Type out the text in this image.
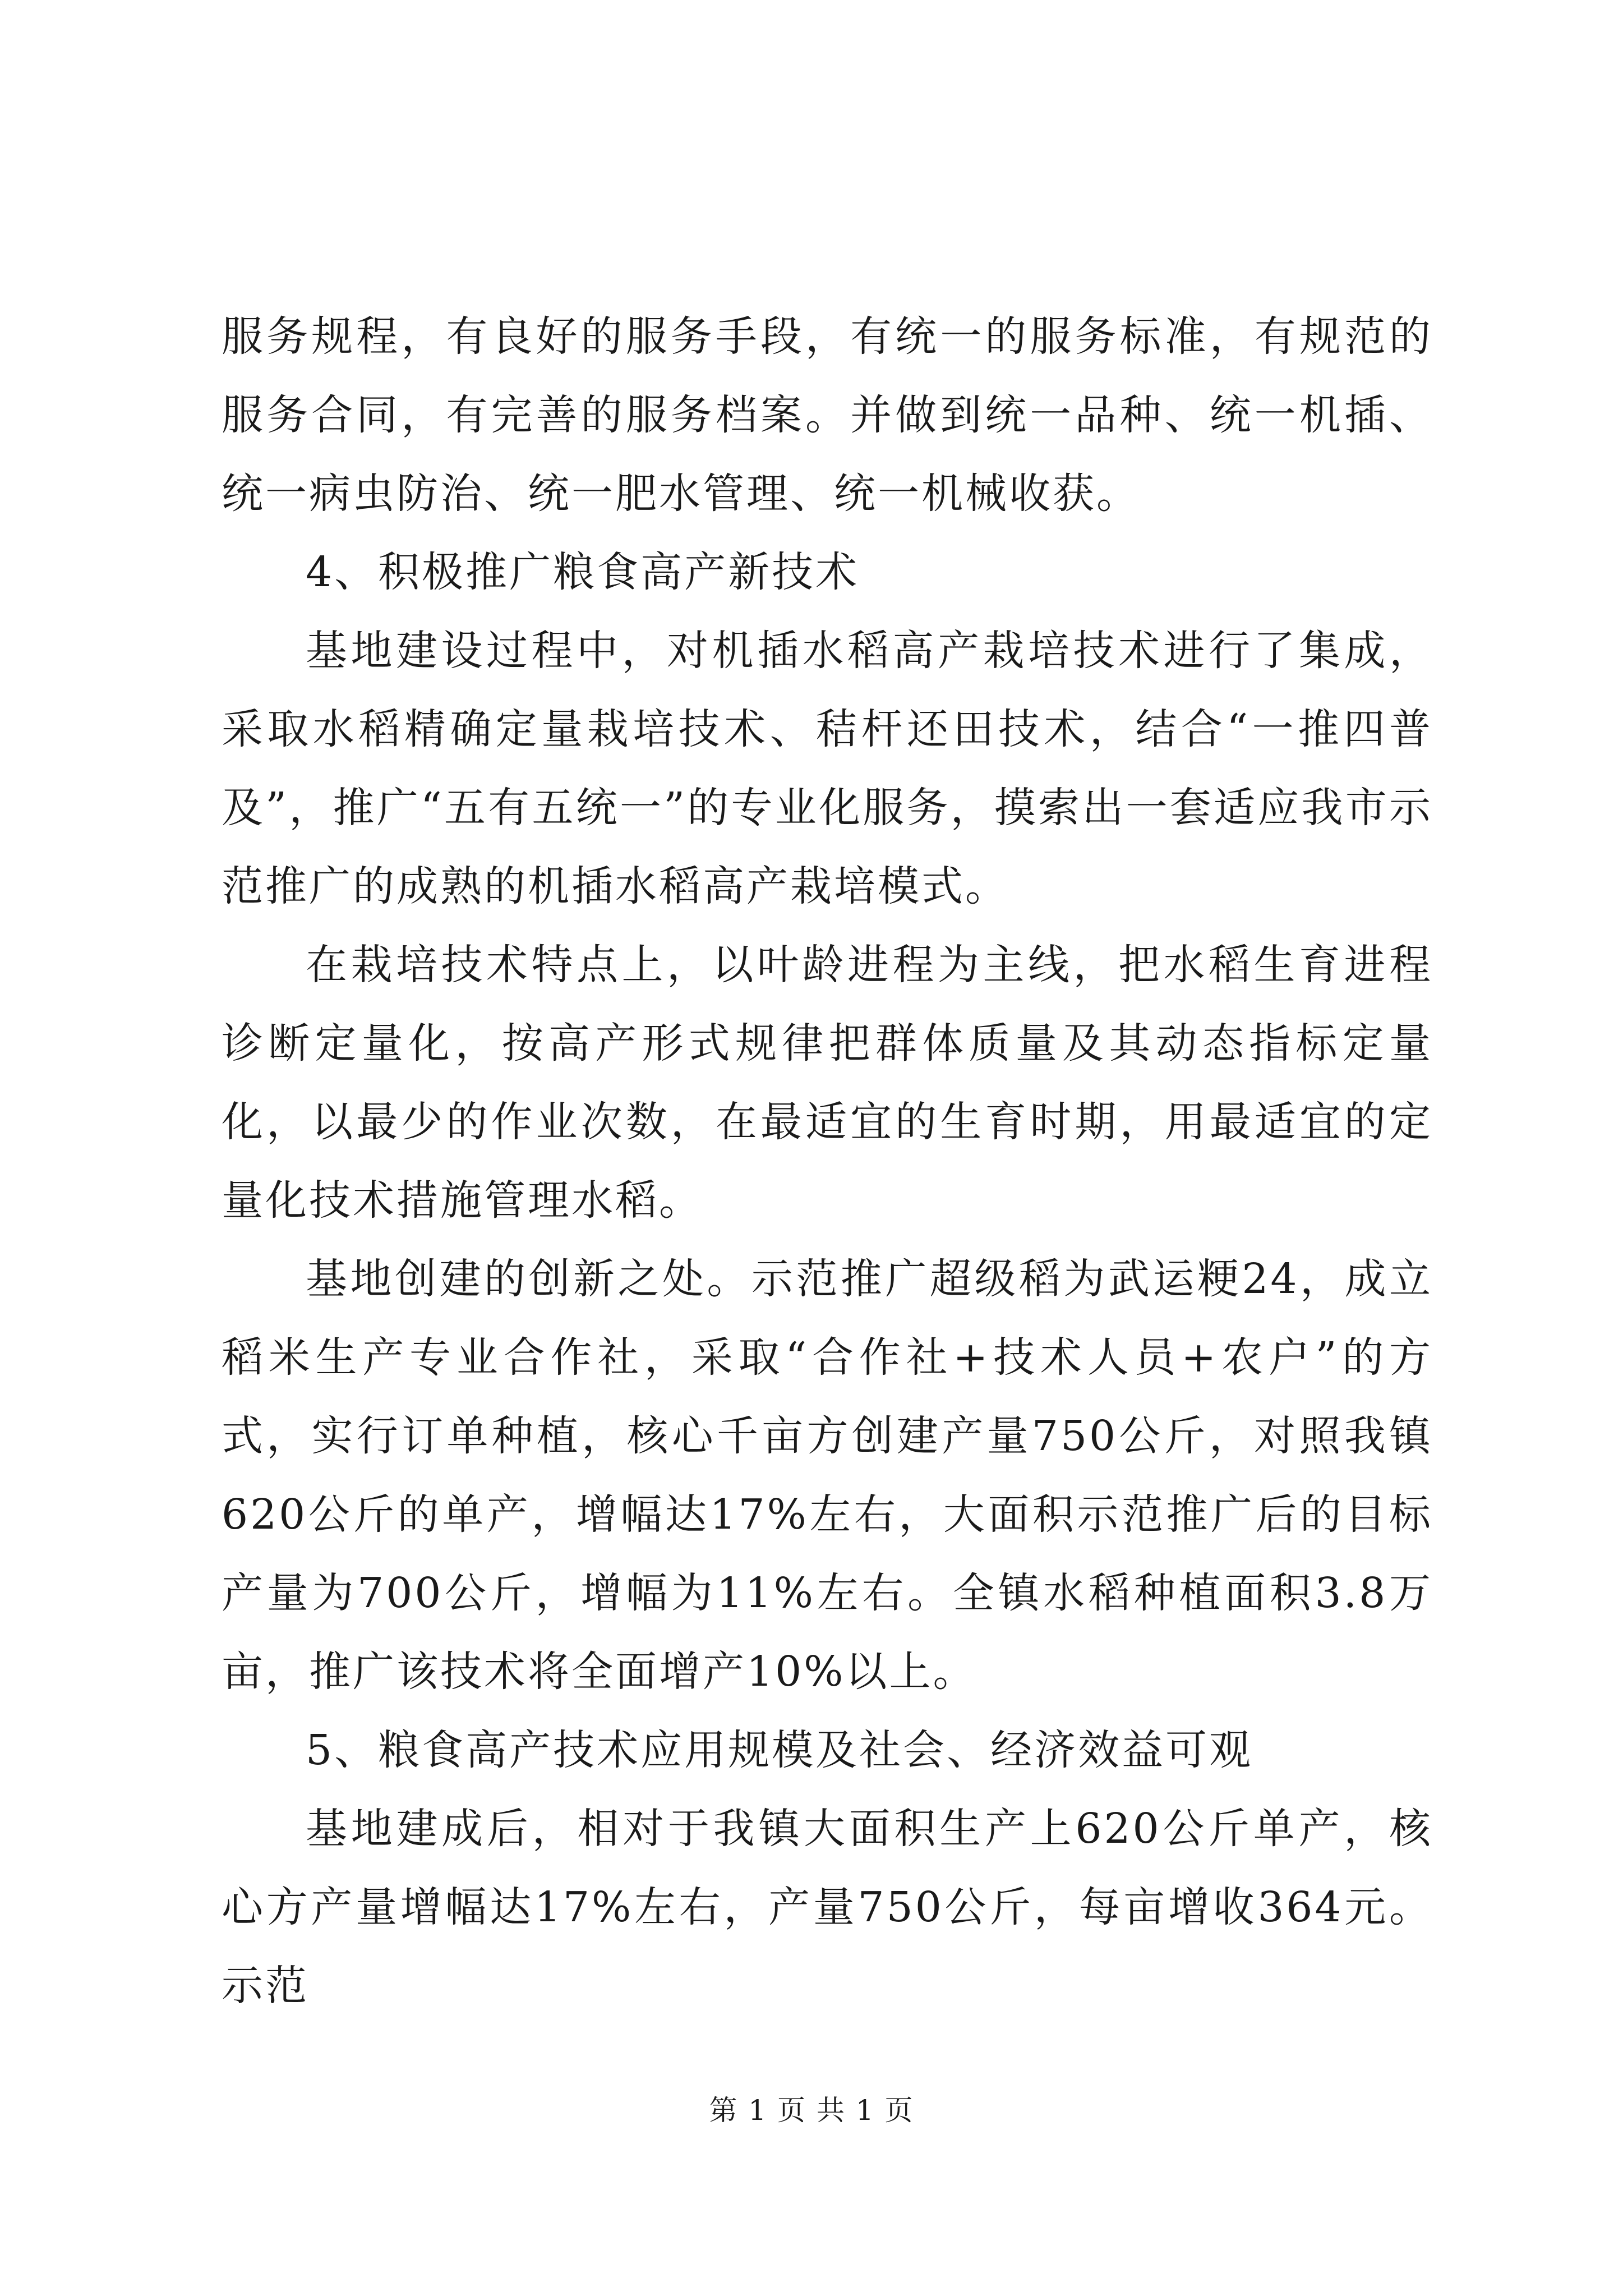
服务规程，有良好的服务手段，有统一的服务标准，有规范的服务合同，有完善的服务档案。并做到统一品种、统一机插、统一病虫防治、统一肥水管理、统一机械收获。

4、积极推广粮食高产新技术

基地建设过程中，对机插水稻高产栽培技术进行了集成，采取水稻精确定量栽培技术、秸杆还田技术，结合“一推四普及”，推广“五有五统一”的专业化服务，摸索出一套适应我市示范推广的成熟的机插水稻高产栽培模式。

在栽培技术特点上，以叶龄进程为主线，把水稻生育进程诊断定量化，按高产形式规律把群体质量及其动态指标定量化，以最少的作业次数，在最适宜的生育时期，用最适宜的定量化技术措施管理水稻。

基地创建的创新之处。示范推广超级稻为武运粳24，成立稻米生产专业合作社，采取“合作社+技术人员+农户”的方式，实行订单种植，核心千亩方创建产量750公斤，对照我镇620公斤的单产，增幅达17%左右，大面积示范推广后的目标产量为700公斤，增幅为11%左右。全镇水稻种植面积3.8万亩，推广该技术将全面增产10%以上。

5、粮食高产技术应用规模及社会、经济效益可观

基地建成后，相对于我镇大面积生产上620公斤单产，核心方产量增幅达17%左右，产量750公斤，每亩增收364元。示范

第 1 页 共 1 页
